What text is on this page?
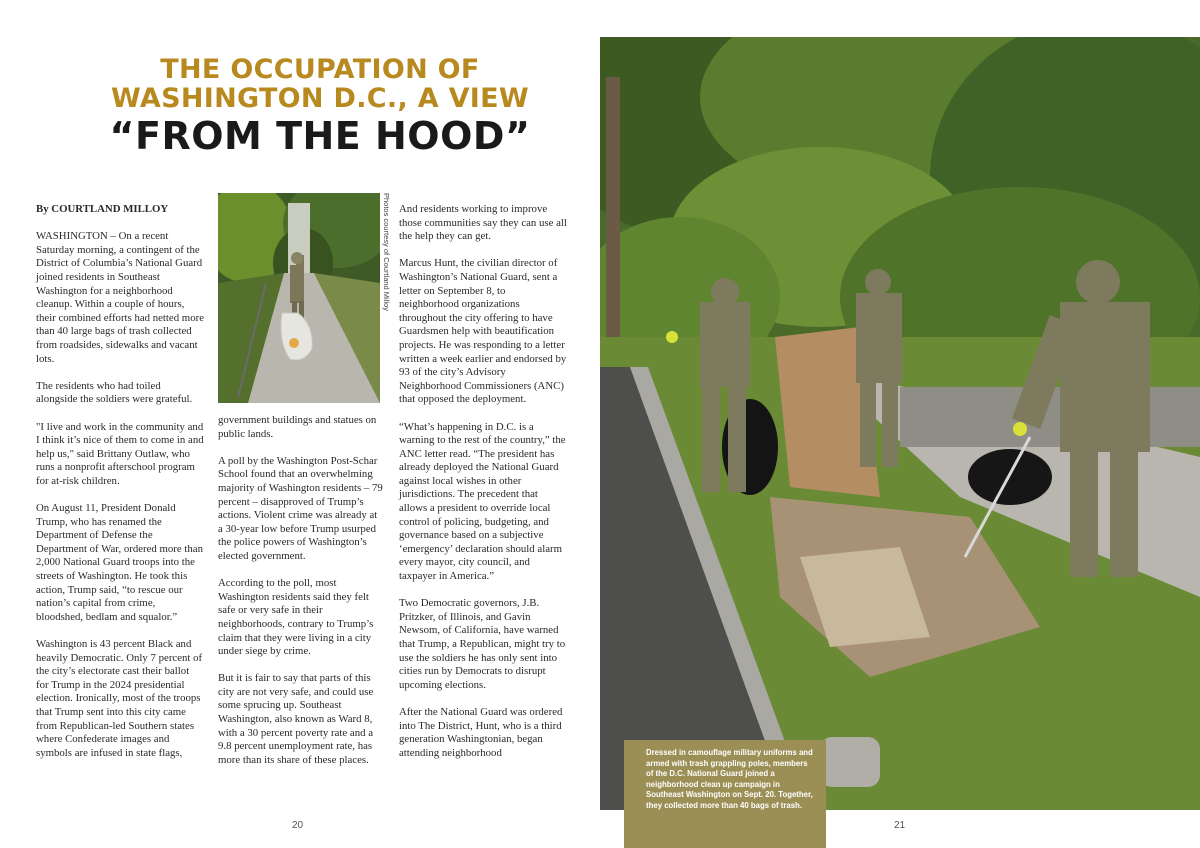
THE OCCUPATION OF
WASHINGTON D.C., A VIEW
“FROM THE HOOD”

By COURTLAND MILLOY

WASHINGTON – On a recent Saturday morning, a contingent of the District of Columbia’s National Guard joined residents in Southeast Washington for a neighborhood cleanup. Within a couple of hours, their combined efforts had netted more than 40 large bags of trash collected from roadsides, sidewalks and vacant lots.

The residents who had toiled alongside the soldiers were grateful.

"I live and work in the community and I think it’s nice of them to come in and help us," said Brittany Outlaw, who runs a nonprofit afterschool program for at-risk children.

On August 11, President Donald Trump, who has renamed the Department of Defense the Department of War, ordered more than 2,000 National Guard troops into the streets of Washington. He took this action, Trump said, “to rescue our nation’s capital from crime, bloodshed, bedlam and squalor.”

Washington is 43 percent Black and heavily Democratic. Only 7 percent of the city’s electorate cast their ballot for Trump in the 2024 presidential election. Ironically, most of the troops that Trump sent into this city came from Republican-led Southern states where Confederate images and symbols are infused in state flags,

Photos courtesy of Courtland Milloy

government buildings and statues on public lands.

A poll by the Washington Post-Schar School found that an overwhelming majority of Washington residents – 79 percent – disapproved of Trump’s actions. Violent crime was already at a 30-year low before Trump usurped the police powers of Washington’s elected government.

According to the poll, most Washington residents said they felt safe or very safe in their neighborhoods, contrary to Trump’s claim that they were living in a city under siege by crime.

But it is fair to say that parts of this city are not very safe, and could use some sprucing up. Southeast Washington, also known as Ward 8, with a 30 percent poverty rate and a 9.8 percent unemployment rate, has more than its share of these places.

And residents working to improve those communities say they can use all the help they can get.

Marcus Hunt, the civilian director of Washington’s National Guard, sent a letter on September 8, to neighborhood organizations throughout the city offering to have Guardsmen help with beautification projects. He was responding to a letter written a week earlier and endorsed by 93 of the city’s Advisory Neighborhood Commissioners (ANC) that opposed the deployment.

“What’s happening in D.C. is a warning to the rest of the country,” the ANC letter read. “The president has already deployed the National Guard against local wishes in other jurisdictions. The precedent that allows a president to override local control of policing, budgeting, and governance based on a subjective ‘emergency’ declaration should alarm every mayor, city council, and taxpayer in America.”

Two Democratic governors, J.B. Pritzker, of Illinois, and Gavin Newsom, of California, have warned that Trump, a Republican, might try to use the soldiers he has only sent into cities run by Democrats to disrupt upcoming elections.

After the National Guard was ordered into The District, Hunt, who is a third generation Washingtonian, began attending neighborhood	Dressed in camouflage military uniforms and armed with trash grappling poles, members of the D.C. National Guard joined a neighborhood clean up campaign in Southeast Washington on Sept. 20. Together, they collected more than 40 bags of trash.
20	21
